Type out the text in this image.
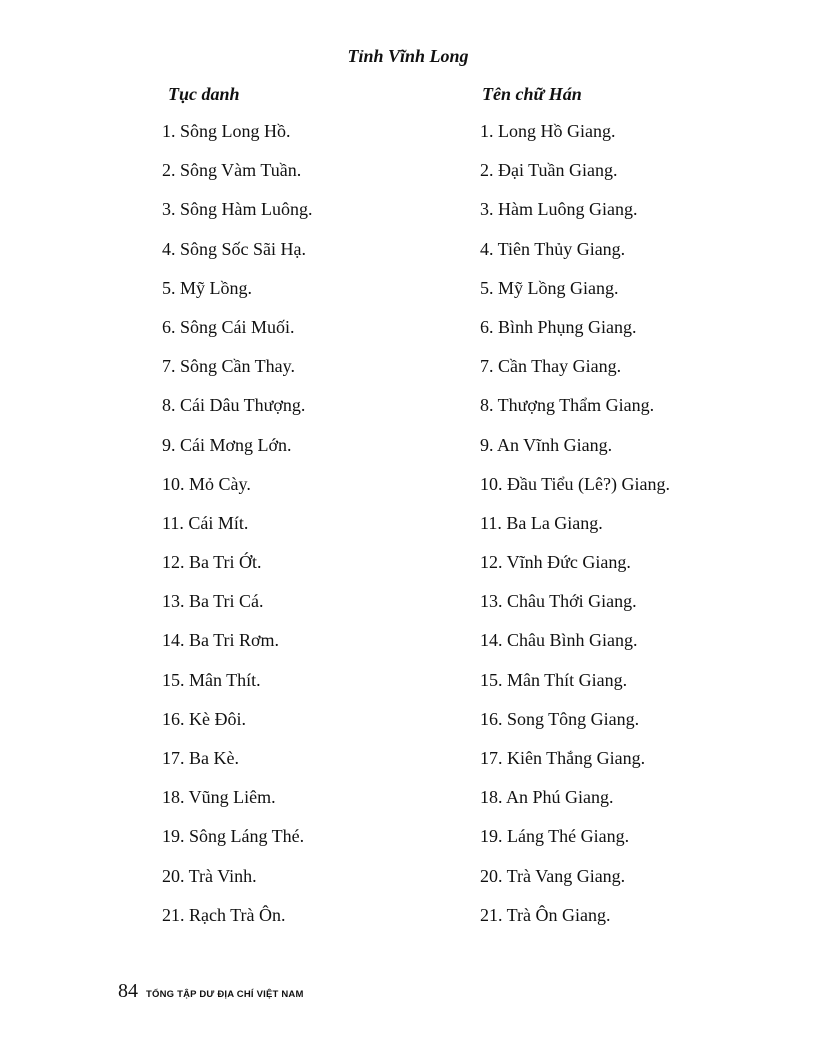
Tỉnh Vĩnh Long
Tục danh	Tên chữ Hán
1. Sông Long Hồ.
2. Sông Vàm Tuần.
3. Sông Hàm Luông.
4. Sông Sốc Sãi Hạ.
5. Mỹ Lồng.
6. Sông Cái Muối.
7. Sông Cần Thay.
8. Cái Dâu Thượng.
9. Cái Mơng Lớn.
10. Mỏ Cày.
11. Cái Mít.
12. Ba Tri Ớt.
13. Ba Tri Cá.
14. Ba Tri Rơm.
15. Mân Thít.
16. Kè Đôi.
17. Ba Kè.
18. Vũng Liêm.
19. Sông Láng Thé.
20. Trà Vinh.
21. Rạch Trà Ôn.
1. Long Hồ Giang.
2. Đại Tuần Giang.
3. Hàm Luông Giang.
4. Tiên Thủy Giang.
5. Mỹ Lồng Giang.
6. Bình Phụng Giang.
7. Cần Thay Giang.
8. Thượng Thẩm Giang.
9. An Vĩnh Giang.
10. Đầu Tiểu (Lê?) Giang.
11. Ba La Giang.
12. Vĩnh Đức Giang.
13. Châu Thới Giang.
14. Châu Bình Giang.
15. Mân Thít Giang.
16. Song Tông Giang.
17. Kiên Thắng Giang.
18. An Phú Giang.
19. Láng Thé Giang.
20. Trà Vang Giang.
21. Trà Ôn Giang.
84 TỔNG TẬP DƯ ĐỊA CHÍ VIỆT NAM
